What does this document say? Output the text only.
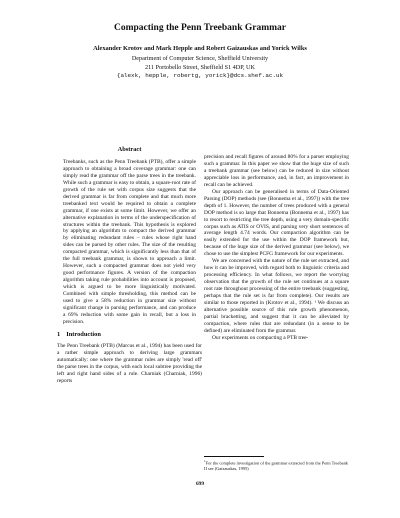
Compacting the Penn Treebank Grammar
Alexander Krotov and Mark Hepple and Robert Gaizauskas and Yorick Wilks
Department of Computer Science, Sheffield University
211 Portobello Street, Sheffield S1 4DP, UK
{alexk, hepple, robertg, yorick}@dcs.shef.ac.uk
Abstract

Treebanks, such as the Penn Treebank (PTB), offer a simple approach to obtaining a broad coverage grammar: one can simply read the grammar off the parse trees in the treebank. While such a grammar is easy to obtain, a square-root rate of growth of the rule set with corpus size suggests that the derived grammar is far from complete and that much more treebanked text would be required to obtain a complete grammar, if one exists at some limit. However, we offer an alternative explanation in terms of the underspecification of structures within the treebank. This hypothesis is explored by applying an algorithm to compact the derived grammar by eliminating redundant rules – rules whose right hand sides can be parsed by other rules. The size of the resulting compacted grammar, which is significantly less than that of the full treebank grammar, is shown to approach a limit. However, such a compacted grammar does not yield very good performance figures. A version of the compaction algorithm taking rule probabilities into account is proposed, which is argued to be more linguistically motivated. Combined with simple thresholding, this method can be used to give a 58% reduction in grammar size without significant change in parsing performance, and can produce a 69% reduction with some gain in recall, but a loss in precision.

1 Introduction

The Penn Treebank (PTB) (Marcus et al., 1994) has been used for a rather simple approach to deriving large grammars automatically: one where the grammar rules are simply 'read off' the parse trees in the corpus, with each local subtree providing the left and right hand sides of a rule. Charniak (Charniak, 1996) reports

precision and recall figures of around 80% for a parser employing such a grammar. In this paper we show that the huge size of such a treebank grammar (see below) can be reduced in size without appreciable loss in performance, and, in fact, an improvement in recall can be achieved.

Our approach can be generalised in terms of Data-Oriented Parsing (DOP) methods (see (Bonnema et al., 1997)) with the tree depth of 1. However, the number of trees produced with a general DOP method is so large that Bonnema (Bonnema et al., 1997) has to resort to restricting the tree depth, using a very domain-specific corpus such as ATIS or OVIS, and parsing very short sentences of average length 4.74 words. Our compaction algorithm can be easily extended for the use within the DOP framework but, because of the huge size of the derived grammar (see below), we chose to use the simplest PCFG framework for our experiments.

We are concerned with the nature of the rule set extracted, and how it can be improved, with regard both to linguistic criteria and processing efficiency. In what follows, we report the worrying observation that the growth of the rule set continues at a square root rate throughout processing of the entire treebank (suggesting, perhaps that the rule set is far from complete). Our results are similar to those reported in (Krotov et al., 1994). ¹ We discuss an alternative possible source of this rule growth phenomenon, partial bracketting, and suggest that it can be alleviated by compaction, where rules that are redundant (in a sense to be defined) are eliminated from the grammar.

Our experiments on compacting a PTB tree-

$^1$For the complete investigation of the grammar extracted from the Penn Treebank II see (Gaizauskas, 1995)
699
